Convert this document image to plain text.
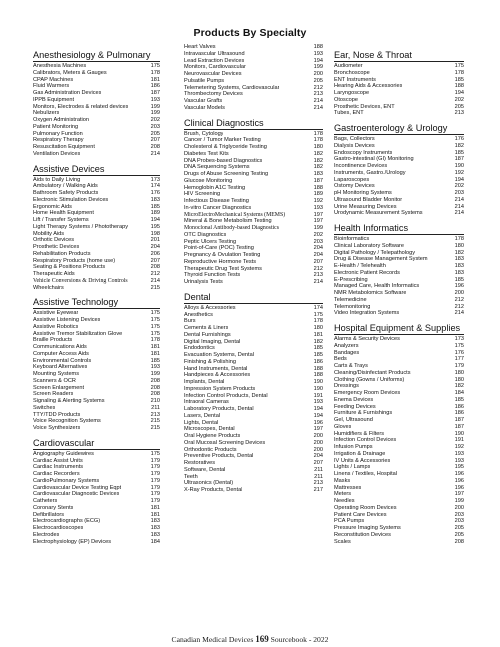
Products By Specialty
Anesthesiology & Pulmonary
Anesthesia Machines	175
Calibrators, Meters & Gauges	178
CPAP Machines	181
Fluid Warmers	186
Gas Administration Devices	187
IPPB Equipment	193
Monitors, Electrodes & related devices	199
Nebulizers	199
Oxygen Administration	202
Patient Monitoring	203
Pulmonary Function	205
Respiratory Therapy	207
Resuscitation Equipment	208
Ventilation Devices	214
Assistive Devices
Aids to Daily Living	173
Ambulatory / Walking Aids	174
Bathroom Safety Products	176
Electronic Stimulation Devices	183
Ergonomic Aids	185
Home Health Equipment	189
Lift / Transfer Systems	194
Light Therapy Systems / Phototherapy	195
Mobility Aids	198
Orthotic Devices	201
Prosthetic Devices	204
Rehabilitation Products	206
Respiratory Products (home use)	207
Seating & Positions Products	208
Therapeutic Aids	212
Vehicle Conversions & Driving Controls	214
Wheelchairs	215
Assistive Technology
Assistive Eyewear	175
Assistive Listening Devices	175
Assistive Robotics	175
Assistive Tremor Stabilization Glove	175
Braille Products	178
Communications Aids	181
Computer Access Aids	181
Environmental Controls	185
Keyboard Alternatives	193
Mounting Systems	199
Scanners & OCR	208
Screen Enlargement	208
Screen Readers	208
Signaling & Alerting Systems	210
Switches	211
TTY/TDD Products	213
Voice Recognition Systems	215
Voice Synthesizers	215
Cardiovascular
Angiography Guidewires	175
Cardiac Assist Units	179
Cardiac Instruments	179
Cardiac Recorders	179
CardioPulmonary Systems	179
Cardiovascular Device Testing Eqpt	179
Cardiovascular Diagnostic Devices	179
Catheters	179
Coronary Stents	181
Defibrillators	181
Electrocardiographs (ECG)	183
Electrocardioscopes	183
Electrodes	183
Electrophysiology (EP) Devices	184
Heart Valves	188
Intravascular Ultrasound	193
Lead Extraction Devices	194
Monitors, Cardiovascular	199
Neurovascular Devices	200
Pulsatile Pumps	205
Telemetering Systems, Cardiovascular	212
Thrombectomy Devices	213
Vascular Grafts	214
Vascular Models	214
Clinical Diagnostics
Brush, Cytology	178
Cancer / Tumor Marker Testing	178
Cholesterol & Triglyceride Testing	180
Diabetes Test Kits	182
DNA Probes-based Diagnostics	182
DNA Sequencing Systems	182
Drugs of Abuse Screening Testing	183
Glucose Monitoring	187
Hemoglobin A1C Testing	188
HIV Screening	189
Infectious Disease Testing	192
In-vitro Cancer Diagnostics	193
MicroElectroMechanical Systems (MEMS)	197
Mineral & Bone Metabolism Testing	197
Monoclonal Antibody-based Diagnostics	199
OTC Diagnostics	202
Peptic Ulcers Testing	203
Point-of-Care (POC) Testing	204
Pregnancy & Ovulation Testing	204
Reproductive Hormone Tests	207
Therapeutic Drug Test Systems	212
Thyroid Function Tests	213
Urinalysis Tests	214
Dental
Alloys & Accessories	174
Anesthetics	175
Burs	178
Cements & Liners	180
Dental Furnishings	181
Digital Imaging, Dental	182
Endodontics	185
Evacuation Systems, Dental	185
Finishing & Polishing	186
Hand Instruments, Dental	188
Handpieces & Accessories	188
Implants, Dental	190
Impression System Products	190
Infection Control Products, Dental	191
Intraoral Cameras	193
Laboratory Products, Dental	194
Lasers, Dental	194
Lights, Dental	196
Microscopes, Dental	197
Oral Hygiene Products	200
Oral Mucosal Screening Devices	200
Orthodontic Products	200
Preventive Products, Dental	204
Restoratives	207
Software, Dental	211
Teeth	211
Ultrasonics (Dental)	213
X-Ray Products, Dental	217
Ear, Nose & Throat
Audiometer	175
Bronchoscope	178
ENT Instruments	185
Hearing Aids & Accessories	188
Laryngoscope	194
Otoscope	202
Prosthetic Devices, ENT	205
Tubes, ENT	213
Gastroenterology & Urology
Bags, Collectors	176
Dialysis Devices	182
Endoscopy Instruments	185
Gastro-intestinal (GI) Monitoring	187
Incontinence Devices	190
Instruments, Gastro./Urology	192
Laparoscopes	194
Ostomy Devices	202
pH Monitoring Systems	203
Ultrasound Bladder Monitor	214
Urine Measuring Devices	214
Urodynamic Measurement Systems	214
Health Informatics
Bioinformatics	178
Clinical Laboratory Software	180
Digital Pathology / Telepathology	182
Drug & Disease Management System	183
E-Health / Telehealth	183
Electronic Patient Records	183
E-Prescribing	185
Managed Care, Health Informatics	196
NMR Metabolomics Software	200
Telemedicine	212
Telemonitoring	212
Video Integration Systems	214
Hospital Equipment & Supplies
Alarms & Security Devices	173
Analyzers	175
Bandages	176
Beds	177
Carts & Trays	179
Cleaning/Disinfectant Products	180
Clothing (Gowns / Uniforms)	180
Dressings	182
Emergency Room Devices	184
Enema Devices	185
Feeding Devices	186
Furniture & Furnishings	186
Gel, Ultrasound	187
Gloves	187
Humidifiers & Filters	190
Infection Control Devices	191
Infusion Pumps	192
Irrigation & Drainage	193
IV Units & Accessories	193
Lights / Lamps	195
Linens / Textiles, Hospital	196
Masks	196
Mattresses	196
Meters	197
Needles	199
Operating Room Devices	200
Patient Care Devices	203
PCA Pumps	203
Pressure Imaging Systems	205
Reconstitution Devices	205
Scales	208
Canadian Medical Devices 169 Sourcebook - 2022
